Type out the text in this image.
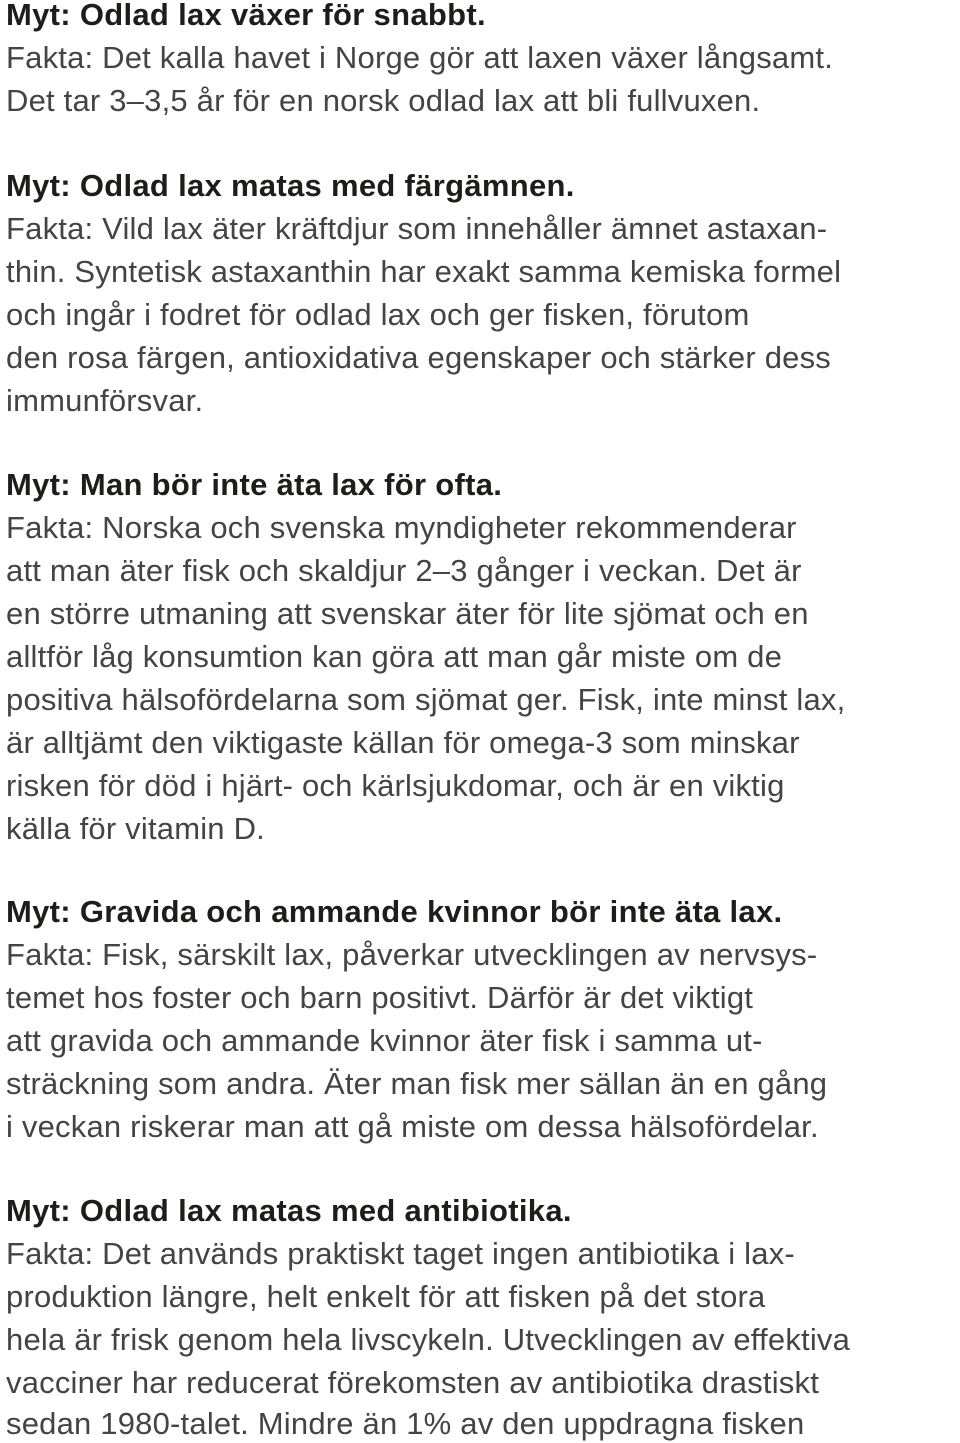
Myt: Odlad lax växer för snabbt.
Fakta: Det kalla havet i Norge gör att laxen växer långsamt.
Det tar 3–3,5 år för en norsk odlad lax att bli fullvuxen.
Myt: Odlad lax matas med färgämnen.
Fakta: Vild lax äter kräftdjur som innehåller ämnet astaxan-
thin. Syntetisk astaxanthin har exakt samma kemiska formel
och ingår i fodret för odlad lax och ger fisken, förutom
den rosa färgen, antioxidativa egenskaper och stärker dess
immunförsvar.
Myt: Man bör inte äta lax för ofta.
Fakta: Norska och svenska myndigheter rekommenderar
att man äter fisk och skaldjur 2–3 gånger i veckan. Det är
en större utmaning att svenskar äter för lite sjömat och en
alltför låg konsumtion kan göra att man går miste om de
positiva hälsofördelarna som sjömat ger. Fisk, inte minst lax,
är alltjämt den viktigaste källan för omega-3 som minskar
risken för död i hjärt- och kärlsjukdomar, och är en viktig
källa för vitamin D.
Myt: Gravida och ammande kvinnor bör inte äta lax.
Fakta: Fisk, särskilt lax, påverkar utvecklingen av nervsys-
temet hos foster och barn positivt. Därför är det viktigt
att gravida och ammande kvinnor äter fisk i samma ut-
sträckning som andra. Äter man fisk mer sällan än en gång
i veckan riskerar man att gå miste om dessa hälsofördelar.
Myt: Odlad lax matas med antibiotika.
Fakta: Det används praktiskt taget ingen antibiotika i lax-
produktion längre, helt enkelt för att fisken på det stora
hela är frisk genom hela livscykeln. Utvecklingen av effektiva
vacciner har reducerat förekomsten av antibiotika drastiskt
sedan 1980-talet. Mindre än 1% av den uppdragna fisken
